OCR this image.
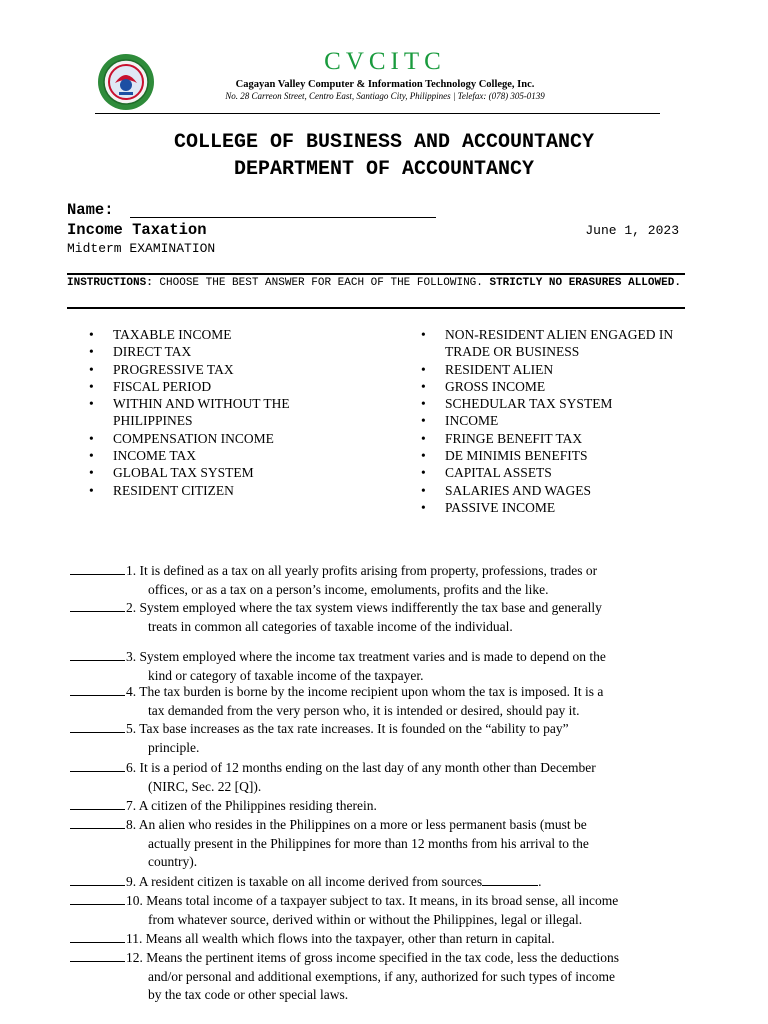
CVCITC
Cagayan Valley Computer & Information Technology College, Inc.
No. 28 Carreon Street, Centro East, Santiago City, Philippines | Telefax: (078) 305-0139
COLLEGE OF BUSINESS AND ACCOUNTANCY
DEPARTMENT OF ACCOUNTANCY
Name:
Income Taxation	June 1, 2023
Midterm EXAMINATION
INSTRUCTIONS: CHOOSE THE BEST ANSWER FOR EACH OF THE FOLLOWING. STRICTLY NO ERASURES ALLOWED.
• TAXABLE INCOME
• DIRECT TAX
• PROGRESSIVE TAX
• FISCAL PERIOD
• WITHIN AND WITHOUT THE PHILIPPINES
• COMPENSATION INCOME
• INCOME TAX
• GLOBAL TAX SYSTEM
• RESIDENT CITIZEN
• NON-RESIDENT ALIEN ENGAGED IN TRADE OR BUSINESS
• RESIDENT ALIEN
• GROSS INCOME
• SCHEDULAR TAX SYSTEM
• INCOME
• FRINGE BENEFIT TAX
• DE MINIMIS BENEFITS
• CAPITAL ASSETS
• SALARIES AND WAGES
• PASSIVE INCOME
1. It is defined as a tax on all yearly profits arising from property, professions, trades or
offices, or as a tax on a person’s income, emoluments, profits and the like.
2. System employed where the tax system views indifferently the tax base and generally
treats in common all categories of taxable income of the individual.
3. System employed where the income tax treatment varies and is made to depend on the
kind or category of taxable income of the taxpayer.
4. The tax burden is borne by the income recipient upon whom the tax is imposed. It is a
tax demanded from the very person who, it is intended or desired, should pay it.
5. Tax base increases as the tax rate increases. It is founded on the “ability to pay”
principle.
6. It is a period of 12 months ending on the last day of any month other than December
(NIRC, Sec. 22 [Q]).
7. A citizen of the Philippines residing therein.
8. An alien who resides in the Philippines on a more or less permanent basis (must be
actually present in the Philippines for more than 12 months from his arrival to the
country).
9. A resident citizen is taxable on all income derived from sources	.
10. Means total income of a taxpayer subject to tax. It means, in its broad sense, all income
from whatever source, derived within or without the Philippines, legal or illegal.
11. Means all wealth which flows into the taxpayer, other than return in capital.
12. Means the pertinent items of gross income specified in the tax code, less the deductions
and/or personal and additional exemptions, if any, authorized for such types of income
by the tax code or other special laws.
